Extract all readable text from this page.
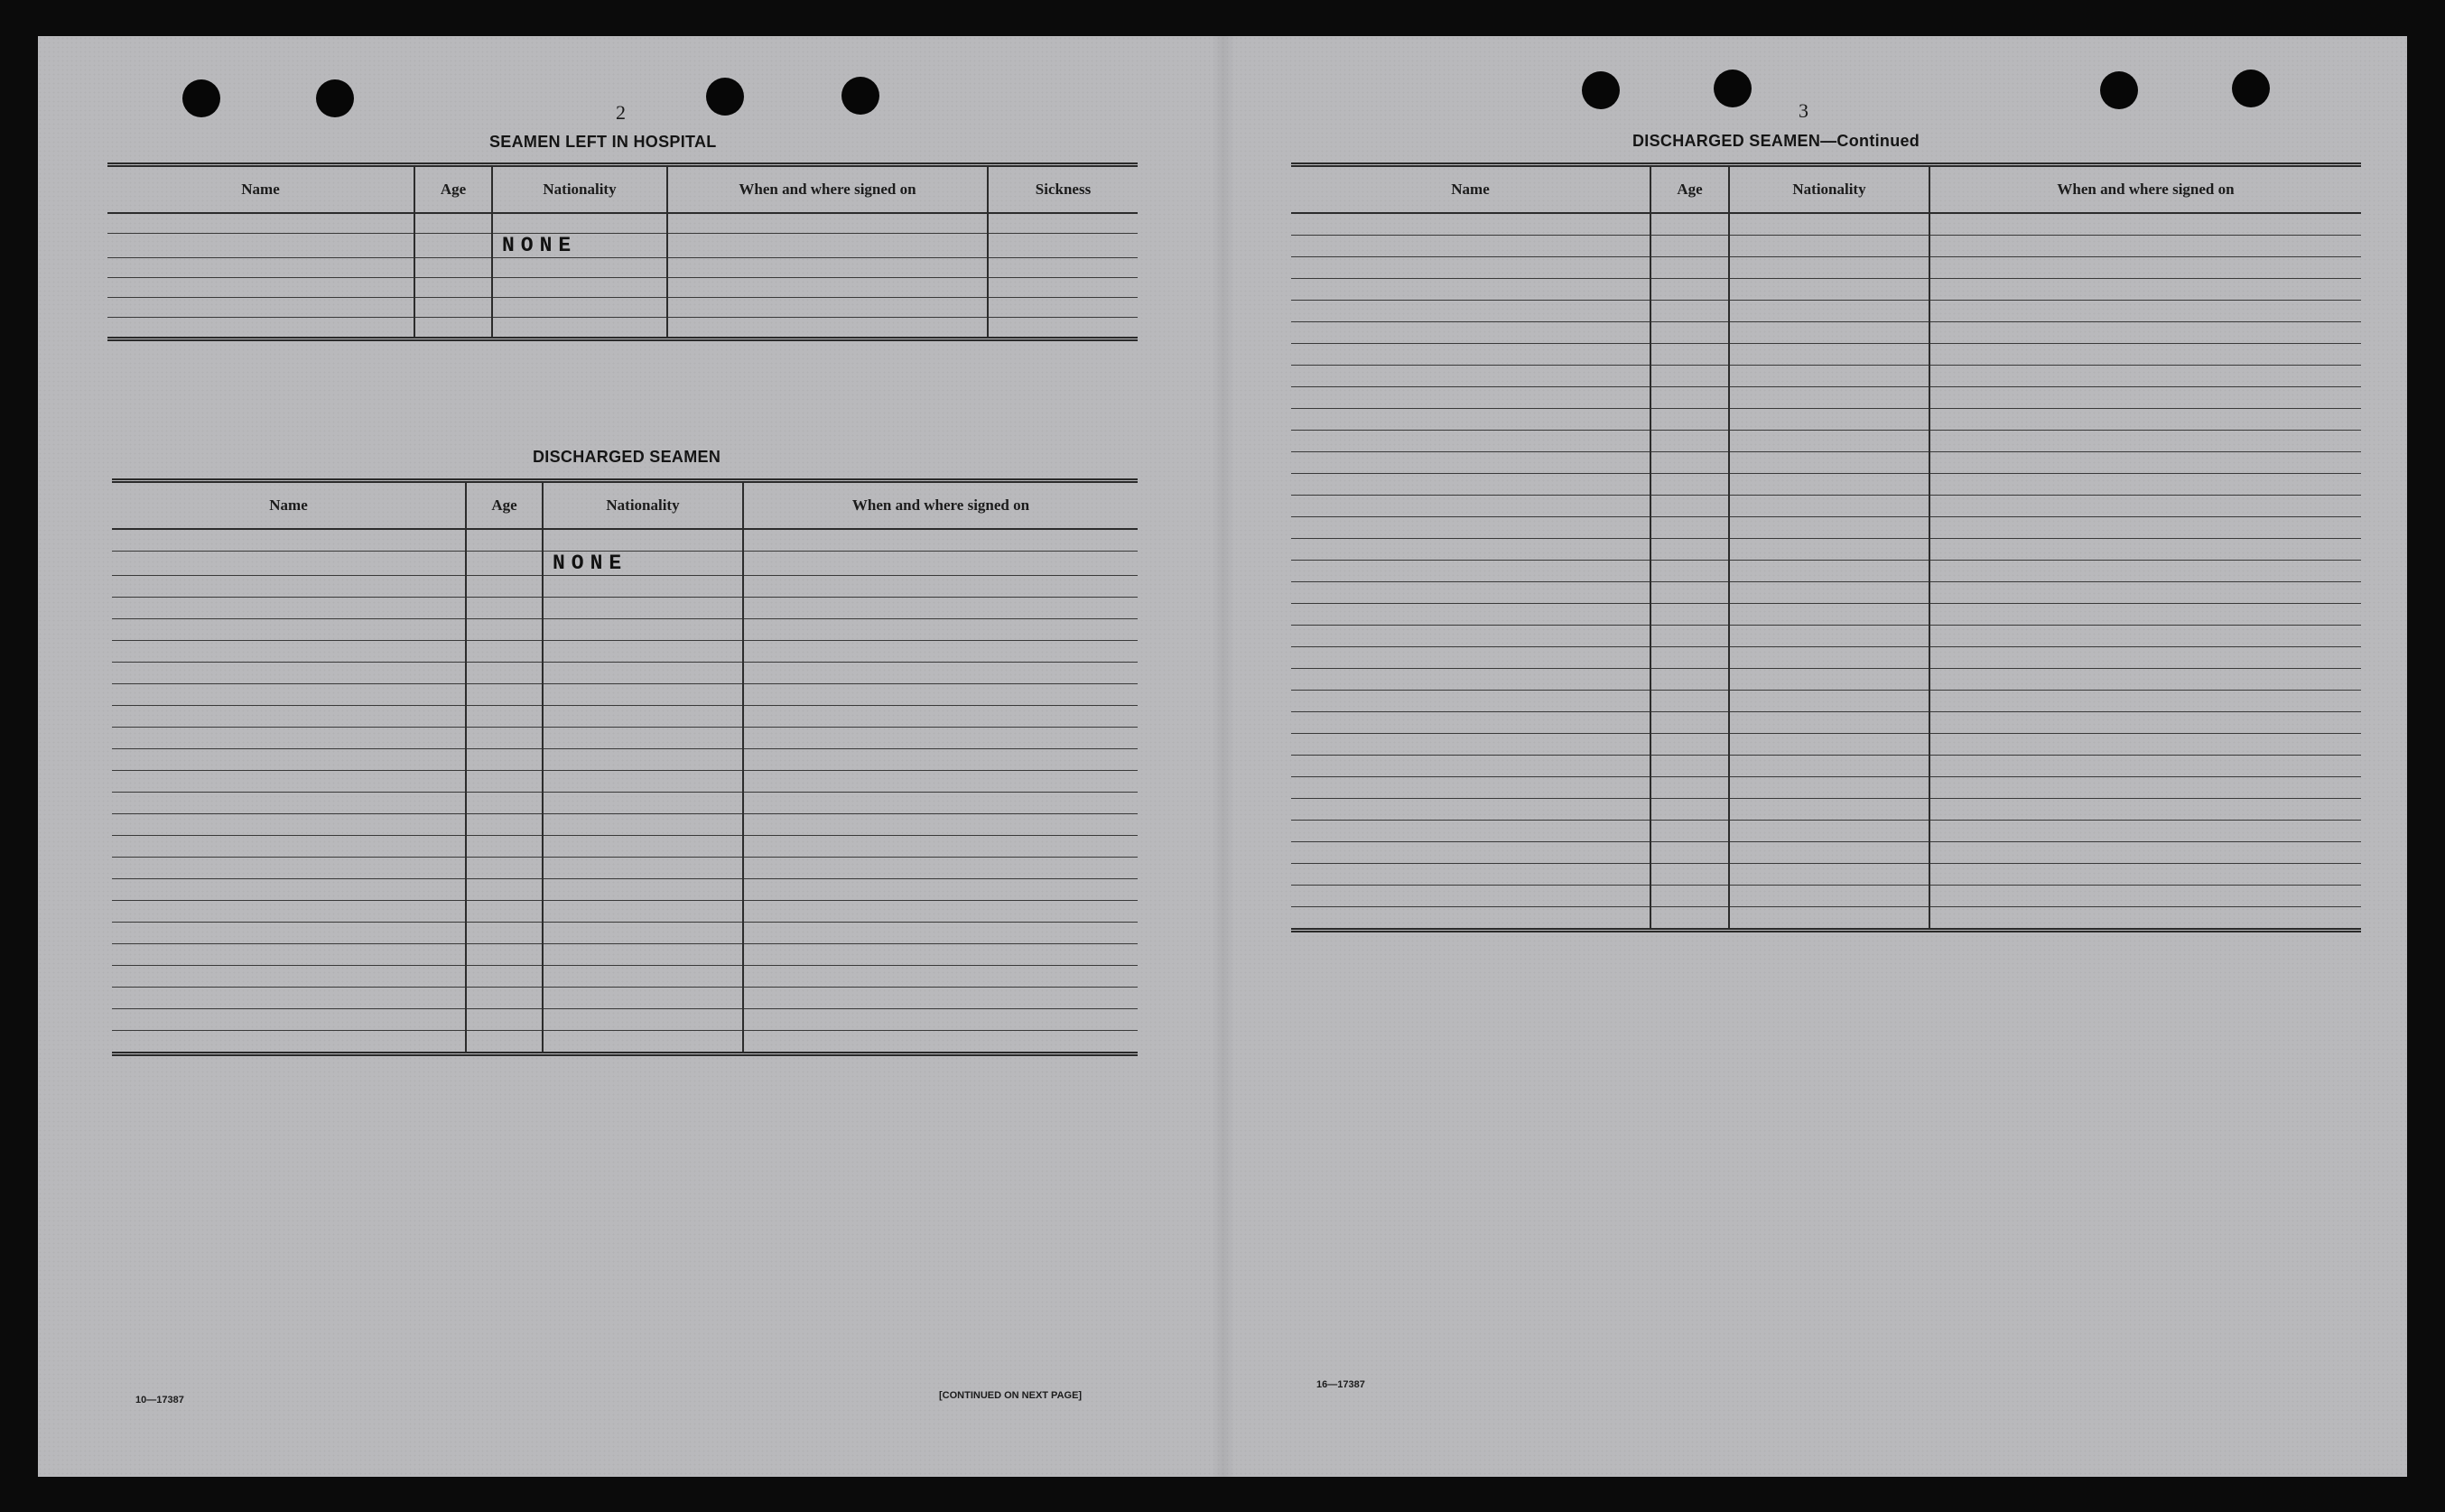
2
SEAMEN LEFT IN HOSPITAL
Name	Age	Nationality	When and where signed on	Sickness

		NONE		

DISCHARGED SEAMEN
Name	Age	Nationality	When and where signed on

		NONE	

10—17387	[CONTINUED ON NEXT PAGE]
3
DISCHARGED SEAMEN—Continued
Name	Age	Nationality	When and where signed on

16—17387
